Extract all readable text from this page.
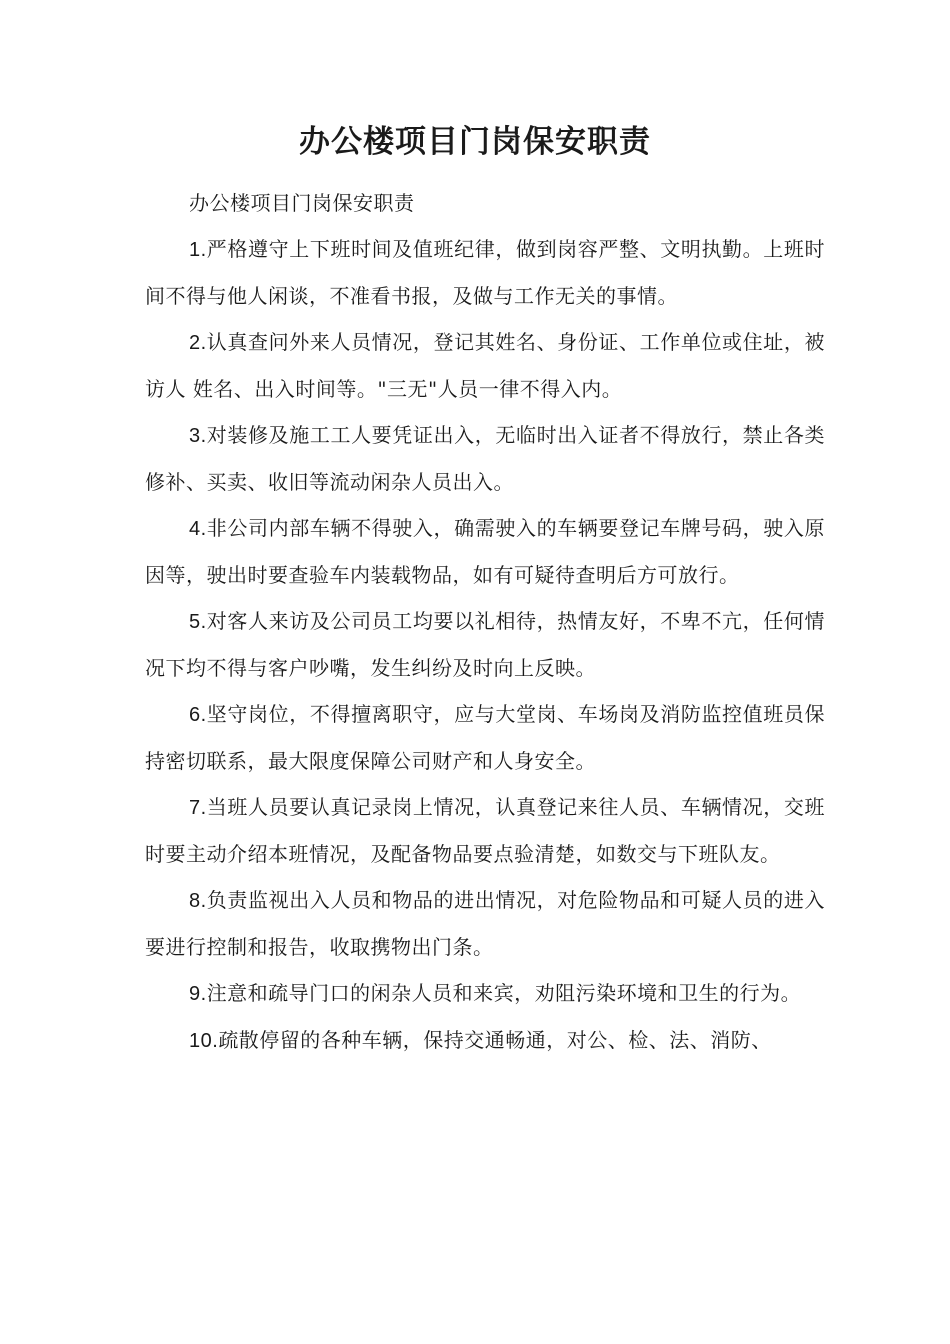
办公楼项目门岗保安职责

办公楼项目门岗保安职责

1.严格遵守上下班时间及值班纪律，做到岗容严整、文明执勤。上班时间不得与他人闲谈，不准看书报，及做与工作无关的事情。

2.认真查问外来人员情况，登记其姓名、身份证、工作单位或住址，被访人 姓名、出入时间等。"三无"人员一律不得入内。

3.对装修及施工工人要凭证出入，无临时出入证者不得放行，禁止各类修补、买卖、收旧等流动闲杂人员出入。

4.非公司内部车辆不得驶入，确需驶入的车辆要登记车牌号码，驶入原因等，驶出时要查验车内装载物品，如有可疑待查明后方可放行。

5.对客人来访及公司员工均要以礼相待，热情友好，不卑不亢，任何情况下均不得与客户吵嘴，发生纠纷及时向上反映。

6.坚守岗位，不得擅离职守，应与大堂岗、车场岗及消防监控值班员保持密切联系，最大限度保障公司财产和人身安全。

7.当班人员要认真记录岗上情况，认真登记来往人员、车辆情况，交班时要主动介绍本班情况，及配备物品要点验清楚，如数交与下班队友。

8.负责监视出入人员和物品的进出情况，对危险物品和可疑人员的进入要进行控制和报告，收取携物出门条。

9.注意和疏导门口的闲杂人员和来宾，劝阻污染环境和卫生的行为。

10.疏散停留的各种车辆，保持交通畅通，对公、检、法、消防、
